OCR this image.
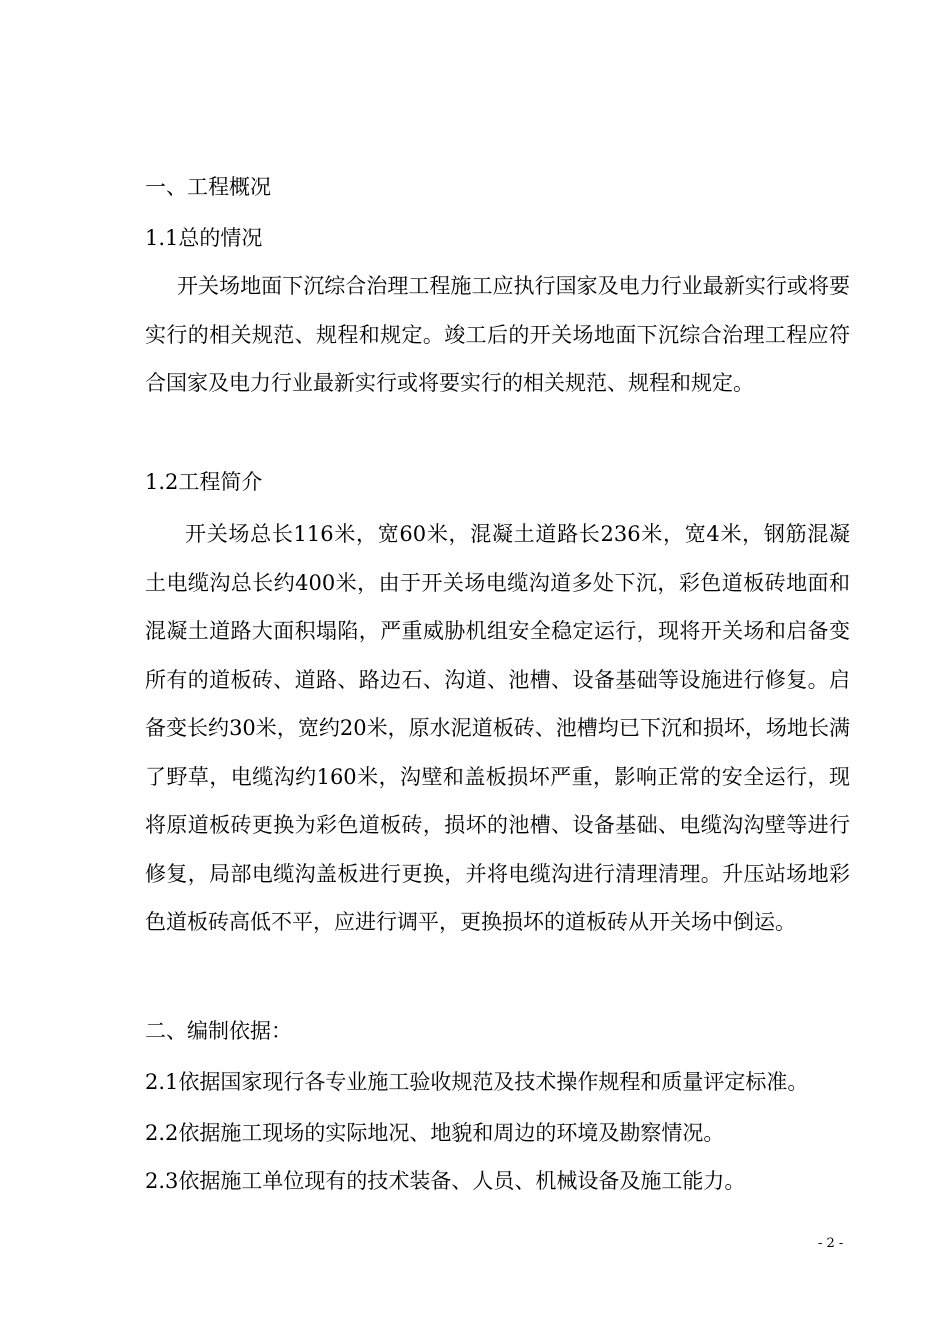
一、工程概况
1.1总的情况
开关场地面下沉综合治理工程施工应执行国家及电力行业最新实行或将要实行的相关规范、规程和规定。竣工后的开关场地面下沉综合治理工程应符合国家及电力行业最新实行或将要实行的相关规范、规程和规定。
1.2工程简介
开关场总长116米，宽60米，混凝土道路长236米，宽4米，钢筋混凝土电缆沟总长约400米，由于开关场电缆沟道多处下沉，彩色道板砖地面和混凝土道路大面积塌陷，严重威胁机组安全稳定运行，现将开关场和启备变所有的道板砖、道路、路边石、沟道、池槽、设备基础等设施进行修复。启备变长约30米，宽约20米，原水泥道板砖、池槽均已下沉和损坏，场地长满了野草，电缆沟约160米，沟壁和盖板损坏严重，影响正常的安全运行，现将原道板砖更换为彩色道板砖，损坏的池槽、设备基础、电缆沟沟壁等进行修复，局部电缆沟盖板进行更换，并将电缆沟进行清理清理。升压站场地彩色道板砖高低不平，应进行调平，更换损坏的道板砖从开关场中倒运。
二、编制依据：
2.1依据国家现行各专业施工验收规范及技术操作规程和质量评定标准。
2.2依据施工现场的实际地况、地貌和周边的环境及勘察情况。
2.3依据施工单位现有的技术装备、人员、机械设备及施工能力。
- 2 -
